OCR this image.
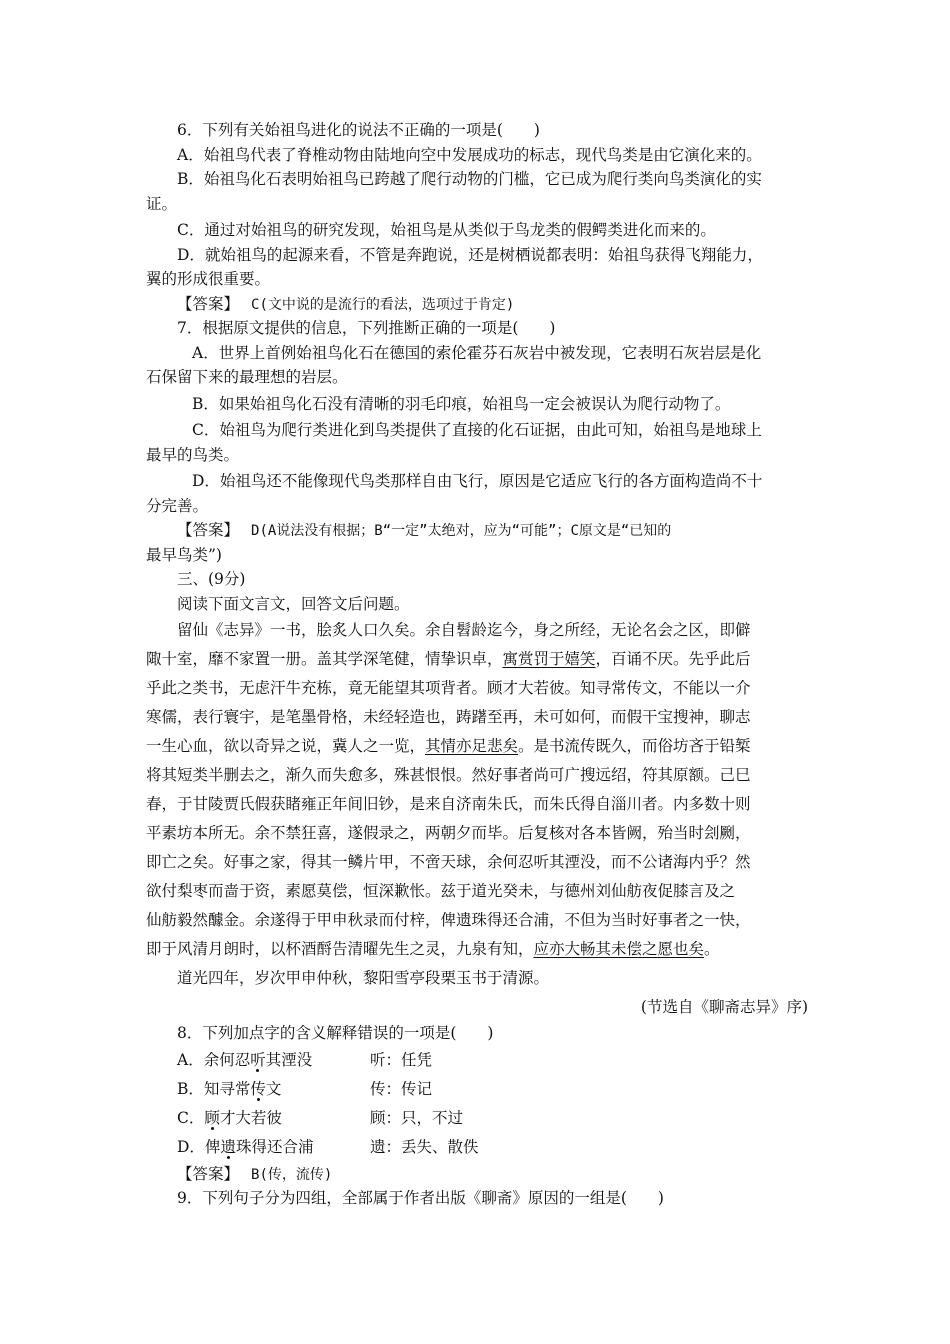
6．下列有关始祖鸟进化的说法不正确的一项是(　　)
A．始祖鸟代表了脊椎动物由陆地向空中发展成功的标志，现代鸟类是由它演化来的。
B．始祖鸟化石表明始祖鸟已跨越了爬行动物的门槛，它已成为爬行类向鸟类演化的实
证。
C．通过对始祖鸟的研究发现，始祖鸟是从类似于鸟龙类的假鳄类进化而来的。
D．就始祖鸟的起源来看，不管是奔跑说，还是树栖说都表明：始祖鸟获得飞翔能力，
翼的形成很重要。
【答案】 C(文中说的是流行的看法，选项过于肯定)
7．根据原文提供的信息，下列推断正确的一项是(　　)
A．世界上首例始祖鸟化石在德国的索伦霍芬石灰岩中被发现，它表明石灰岩层是化
石保留下来的最理想的岩层。
B．如果始祖鸟化石没有清晰的羽毛印痕，始祖鸟一定会被误认为爬行动物了。
C．始祖鸟为爬行类进化到鸟类提供了直接的化石证据，由此可知，始祖鸟是地球上
最早的鸟类。
D．始祖鸟还不能像现代鸟类那样自由飞行，原因是它适应飞行的各方面构造尚不十
分完善。
【答案】 D(A说法没有根据；B“一定”太绝对，应为“可能”；C原文是“已知的
最早鸟类”)
三、(9分)
阅读下面文言文，回答文后问题。
留仙《志异》一书，脍炙人口久矣。余自髫龄迄今，身之所经，无论名会之区，即僻
陬十室，靡不家置一册。盖其学深笔健，情挚识卓，寓赏罚于嬉笑，百诵不厌。先乎此后
乎此之类书，无虑汗牛充栋，竟无能望其项背者。顾才大若彼。知寻常传文，不能以一介
寒儒，表行寰宇，是笔墨骨格，未经轻造也，踌躇至再，未可如何，而假干宝搜神，聊志
一生心血，欲以奇异之说，冀人之一览，其情亦足悲矣。是书流传既久，而俗坊吝于铅椠
将其短类半删去之，渐久而失愈多，殊甚恨恨。然好事者尚可广搜远绍，符其原额。己巳
春，于甘陵贾氏假获睹雍正年间旧钞，是来自济南朱氏，而朱氏得自淄川者。内多数十则
平素坊本所无。余不禁狂喜，遂假录之，两朝夕而毕。后复核对各本皆阙，殆当时刽劂，
即亡之矣。好事之家，得其一鳞片甲，不啻天球，余何忍听其湮没，而不公诸海内乎？然
欲付梨枣而啬于资，素愿莫偿，恒深歉怅。兹于道光癸未，与德州刘仙舫夜促膝言及之
仙舫毅然醵金。余遂得于甲申秋录而付梓，俾遗珠得还合浦，不但为当时好事者之一快，
即于风清月朗时，以杯酒酹告清曜先生之灵，九泉有知，应亦大畅其未偿之愿也矣。
道光四年，岁次甲申仲秋，黎阳雪亭段栗玉书于清源。
(节选自《聊斋志异》序)
8．下列加点字的含义解释错误的一项是(　　)
A．余何忍听其湮没	听：任凭
B．知寻常传文	传：传记
C．顾才大若彼	顾：只，不过
D．俾遗珠得还合浦	遗：丢失、散佚
【答案】 B(传，流传)
9．下列句子分为四组，全部属于作者出版《聊斋》原因的一组是(　　)
